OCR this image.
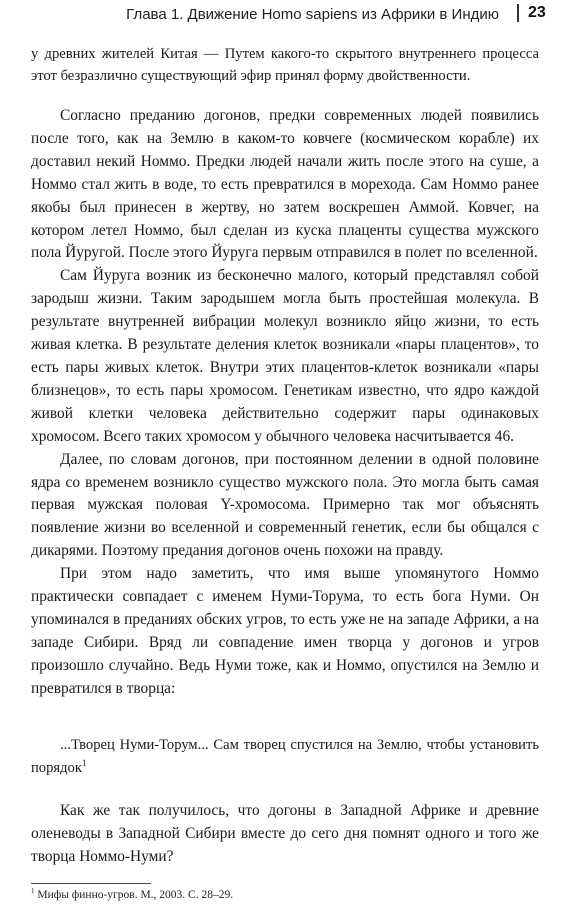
Глава 1. Движение Homo sapiens из Африки в Индию 23

у древних жителей Китая — Путем какого-то скрытого внутреннего процесса этот безразлично существующий эфир принял форму двойственности.

Согласно преданию догонов, предки современных людей появились после того, как на Землю в каком-то ковчеге (космическом корабле) их доставил некий Номмо. Предки людей начали жить после этого на суше, а Номмо стал жить в воде, то есть превратился в морехода. Сам Номмо ранее якобы был принесен в жертву, но затем воскрешен Аммой. Ковчег, на котором летел Номмо, был сделан из куска плаценты существа мужского пола Йуругой. После этого Йуруга первым отправился в полет по вселенной.

Сам Йуруга возник из бесконечно малого, который представлял собой зародыш жизни. Таким зародышем могла быть простейшая молекула. В результате внутренней вибрации молекул возникло яйцо жизни, то есть живая клетка. В результате деления клеток возникали «пары плацентов», то есть пары живых клеток. Внутри этих плацентов-клеток возникали «пары близнецов», то есть пары хромосом. Генетикам известно, что ядро каждой живой клетки человека действительно содержит пары одинаковых хромосом. Всего таких хромосом у обычного человека насчитывается 46.

Далее, по словам догонов, при постоянном делении в одной половине ядра со временем возникло существо мужского пола. Это могла быть самая первая мужская половая Y-хромосома. Примерно так мог объяснять появление жизни во вселенной и современный генетик, если бы общался с дикарями. Поэтому предания догонов очень похожи на правду.

При этом надо заметить, что имя выше упомянутого Номмо практически совпадает с именем Нуми-Торума, то есть бога Нуми. Он упоминался в преданиях обских угров, то есть уже не на западе Африки, а на западе Сибири. Вряд ли совпадение имен творца у догонов и угров произошло случайно. Ведь Нуми тоже, как и Номмо, опустился на Землю и превратился в творца:

...Творец Нуми-Торум... Сам творец спустился на Землю, чтобы установить порядок$^1$

Как же так получилось, что догоны в Западной Африке и древние оленеводы в Западной Сибири вместе до сего дня помнят одного и того же творца Номмо-Нуми?

$^1$ Мифы финно-угров. М., 2003. С. 28–29.
